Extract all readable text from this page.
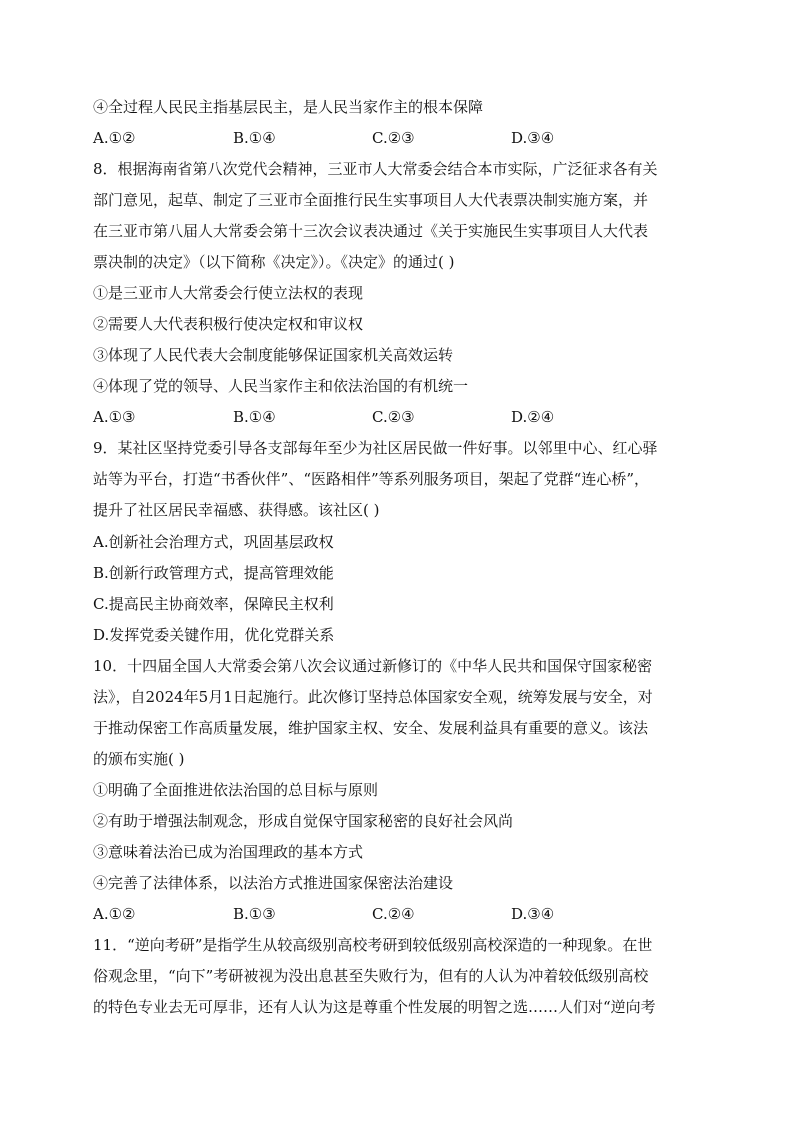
④全过程人民民主指基层民主，是人民当家作主的根本保障
A.①②	B.①④	C.②③	D.③④
8．根据海南省第八次党代会精神，三亚市人大常委会结合本市实际，广泛征求各有关
部门意见，起草、制定了三亚市全面推行民生实事项目人大代表票决制实施方案，并
在三亚市第八届人大常委会第十三次会议表决通过《关于实施民生实事项目人大代表
票决制的决定》（以下简称《决定》）。《决定》的通过( )
①是三亚市人大常委会行使立法权的表现
②需要人大代表积极行使决定权和审议权
③体现了人民代表大会制度能够保证国家机关高效运转
④体现了党的领导、人民当家作主和依法治国的有机统一
A.①③	B.①④	C.②③	D.②④
9．某社区坚持党委引导各支部每年至少为社区居民做一件好事。以邻里中心、红心驿
站等为平台，打造“书香伙伴”、“医路相伴”等系列服务项目，架起了党群“连心桥”，
提升了社区居民幸福感、获得感。该社区( )
A.创新社会治理方式，巩固基层政权
B.创新行政管理方式，提高管理效能
C.提高民主协商效率，保障民主权利
D.发挥党委关键作用，优化党群关系
10．十四届全国人大常委会第八次会议通过新修订的《中华人民共和国保守国家秘密
法》，自2024年5月1日起施行。此次修订坚持总体国家安全观，统筹发展与安全，对
于推动保密工作高质量发展，维护国家主权、安全、发展利益具有重要的意义。该法
的颁布实施( )
①明确了全面推进依法治国的总目标与原则
②有助于增强法制观念，形成自觉保守国家秘密的良好社会风尚
③意味着法治已成为治国理政的基本方式
④完善了法律体系，以法治方式推进国家保密法治建设
A.①②	B.①③	C.②④	D.③④
11．“逆向考研”是指学生从较高级别高校考研到较低级别高校深造的一种现象。在世
俗观念里，“向下”考研被视为没出息甚至失败行为，但有的人认为冲着较低级别高校
的特色专业去无可厚非，还有人认为这是尊重个性发展的明智之选……人们对“逆向考
